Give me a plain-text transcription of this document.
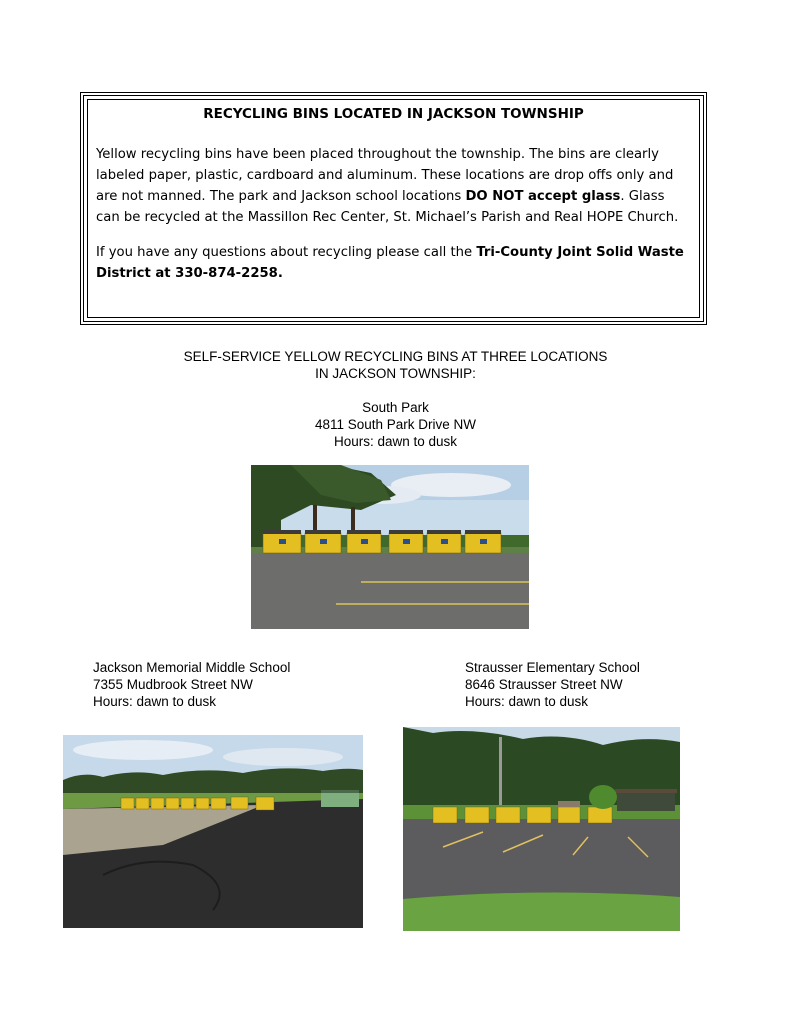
RECYCLING BINS LOCATED IN JACKSON TOWNSHIP

Yellow recycling bins have been placed throughout the township. The bins are clearly labeled paper, plastic, cardboard and aluminum. These locations are drop offs only and are not manned. The park and Jackson school locations DO NOT accept glass. Glass can be recycled at the Massillon Rec Center, St. Michael’s Parish and Real HOPE Church.

If you have any questions about recycling please call the Tri-County Joint Solid Waste District at 330-874-2258.

SELF-SERVICE YELLOW RECYCLING BINS AT THREE LOCATIONS
IN JACKSON TOWNSHIP:
South Park
4811 South Park Drive NW
Hours: dawn to dusk
Jackson Memorial Middle School
7355 Mudbrook Street NW
Hours: dawn to dusk
Strausser Elementary School
8646 Strausser Street NW
Hours: dawn to dusk
